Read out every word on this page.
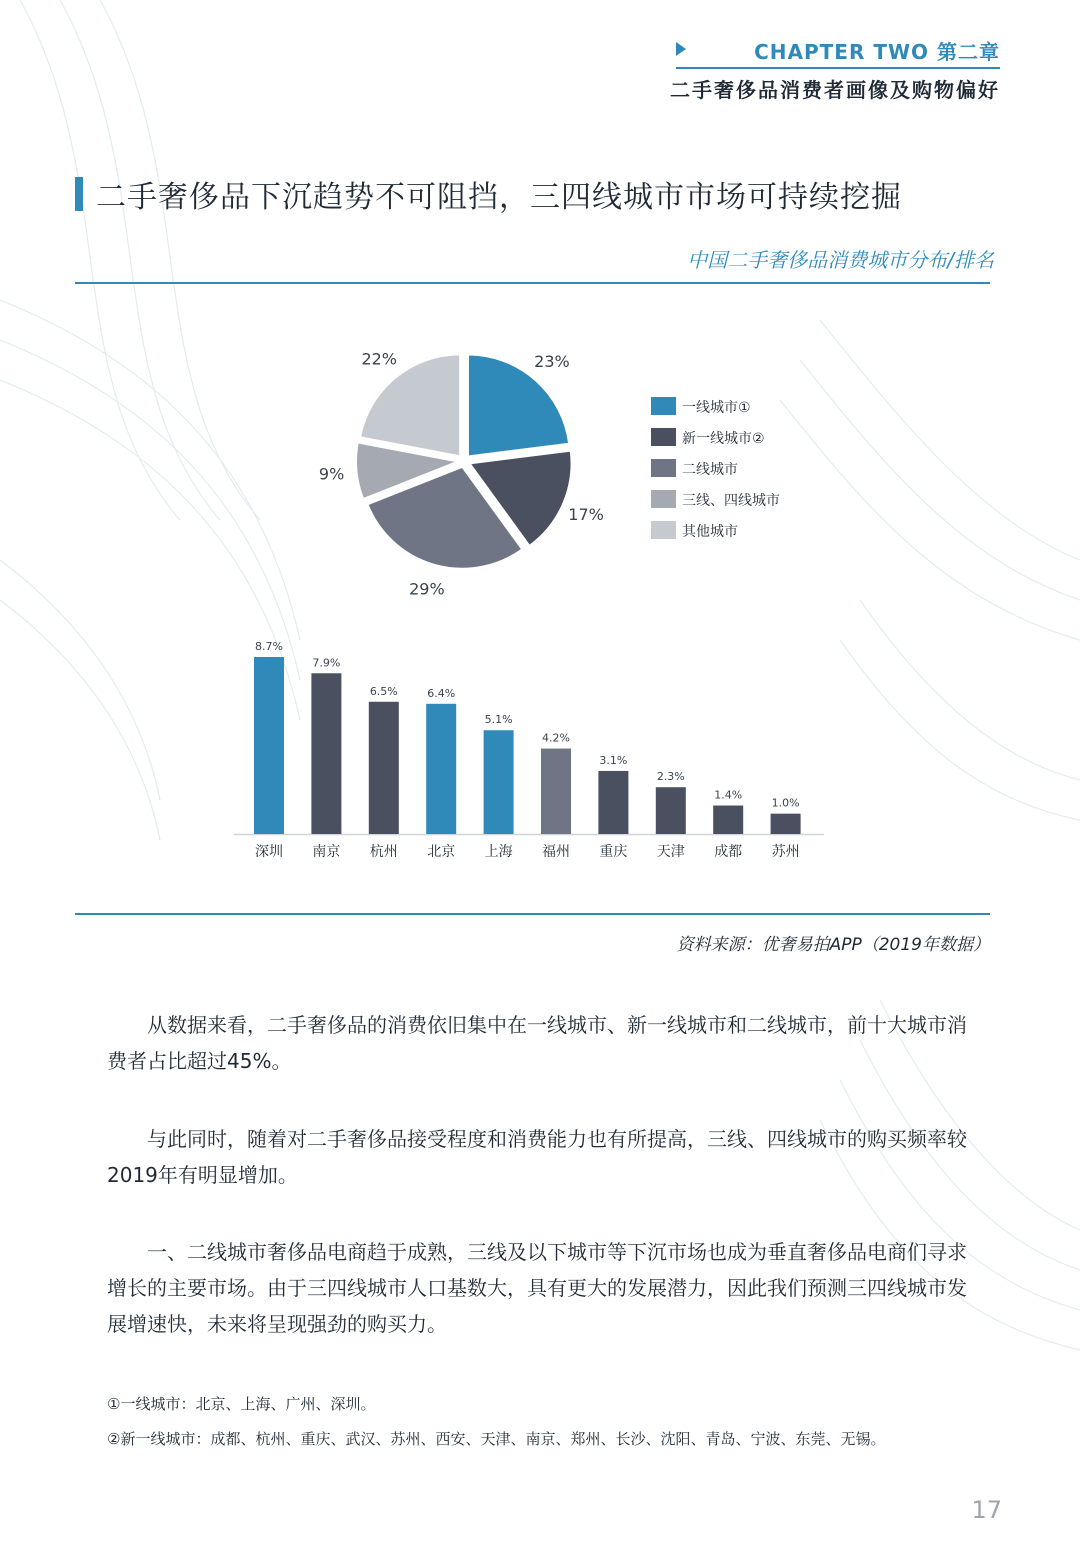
CHAPTER TWO 第二章
二手奢侈品消费者画像及购物偏好
二手奢侈品下沉趋势不可阻挡，三四线城市市场可持续挖掘
中国二手奢侈品消费城市分布/排名
23%
17%
29%
9%
22%
一线城市①
新一线城市②
二线城市
三线、四线城市
其他城市
8.7%
深圳
7.9%
南京
6.5%
杭州
6.4%
北京
5.1%
上海
4.2%
福州
3.1%
重庆
2.3%
天津
1.4%
成都
1.0%
苏州
资料来源：优奢易拍APP（2019年数据）

从数据来看，二手奢侈品的消费依旧集中在一线城市、新一线城市和二线城市，前十大城市消费者占比超过45%。

与此同时，随着对二手奢侈品接受程度和消费能力也有所提高，三线、四线城市的购买频率较2019年有明显增加。

一、二线城市奢侈品电商趋于成熟，三线及以下城市等下沉市场也成为垂直奢侈品电商们寻求增长的主要市场。由于三四线城市人口基数大，具有更大的发展潜力，因此我们预测三四线城市发展增速快，未来将呈现强劲的购买力。

①一线城市：北京、上海、广州、深圳。
②新一线城市：成都、杭州、重庆、武汉、苏州、西安、天津、南京、郑州、长沙、沈阳、青岛、宁波、东莞、无锡。
17
